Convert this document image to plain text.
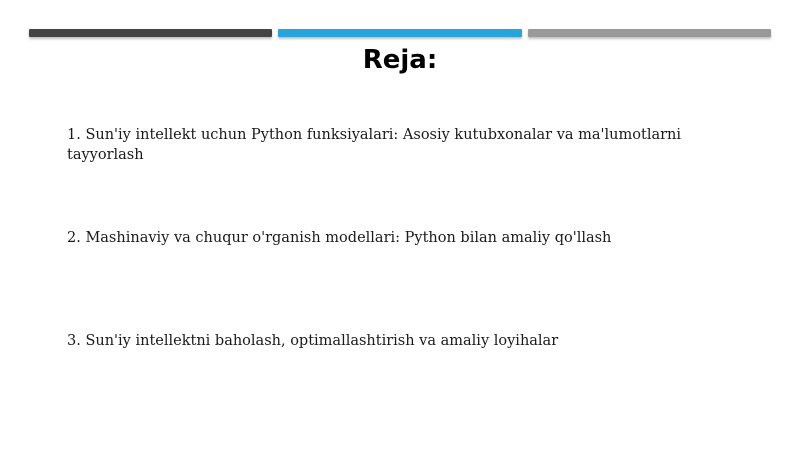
Reja:

1. Sun'iy intellekt uchun Python funksiyalari: Asosiy kutubxonalar va ma'lumotlarni tayyorlash

2. Mashinaviy va chuqur o'rganish modellari: Python bilan amaliy qo'llash

3. Sun'iy intellektni baholash, optimallashtirish va amaliy loyihalar
